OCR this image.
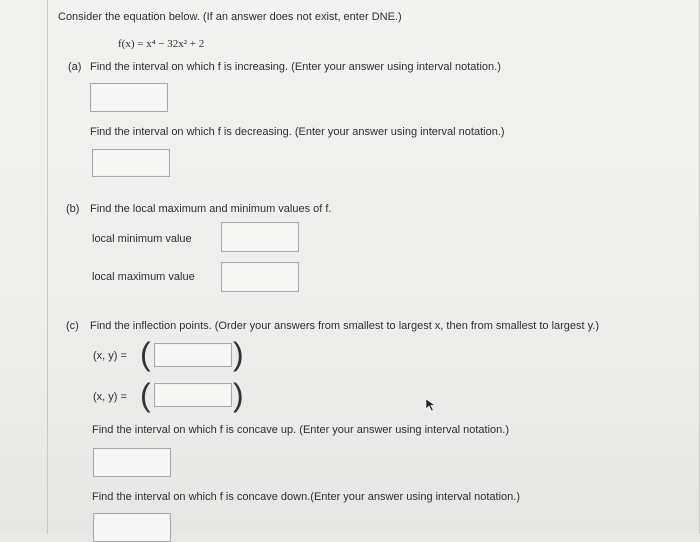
Consider the equation below. (If an answer does not exist, enter DNE.)
f(x) = x⁴ − 32x² + 2
(a) Find the interval on which f is increasing. (Enter your answer using interval notation.)
Find the interval on which f is decreasing. (Enter your answer using interval notation.)
(b) Find the local maximum and minimum values of f.
local minimum value
local maximum value
(c) Find the inflection points. (Order your answers from smallest to largest x, then from smallest to largest y.)
(x, y) = (	)
(x, y) = (	)
Find the interval on which f is concave up. (Enter your answer using interval notation.)
Find the interval on which f is concave down.(Enter your answer using interval notation.)
